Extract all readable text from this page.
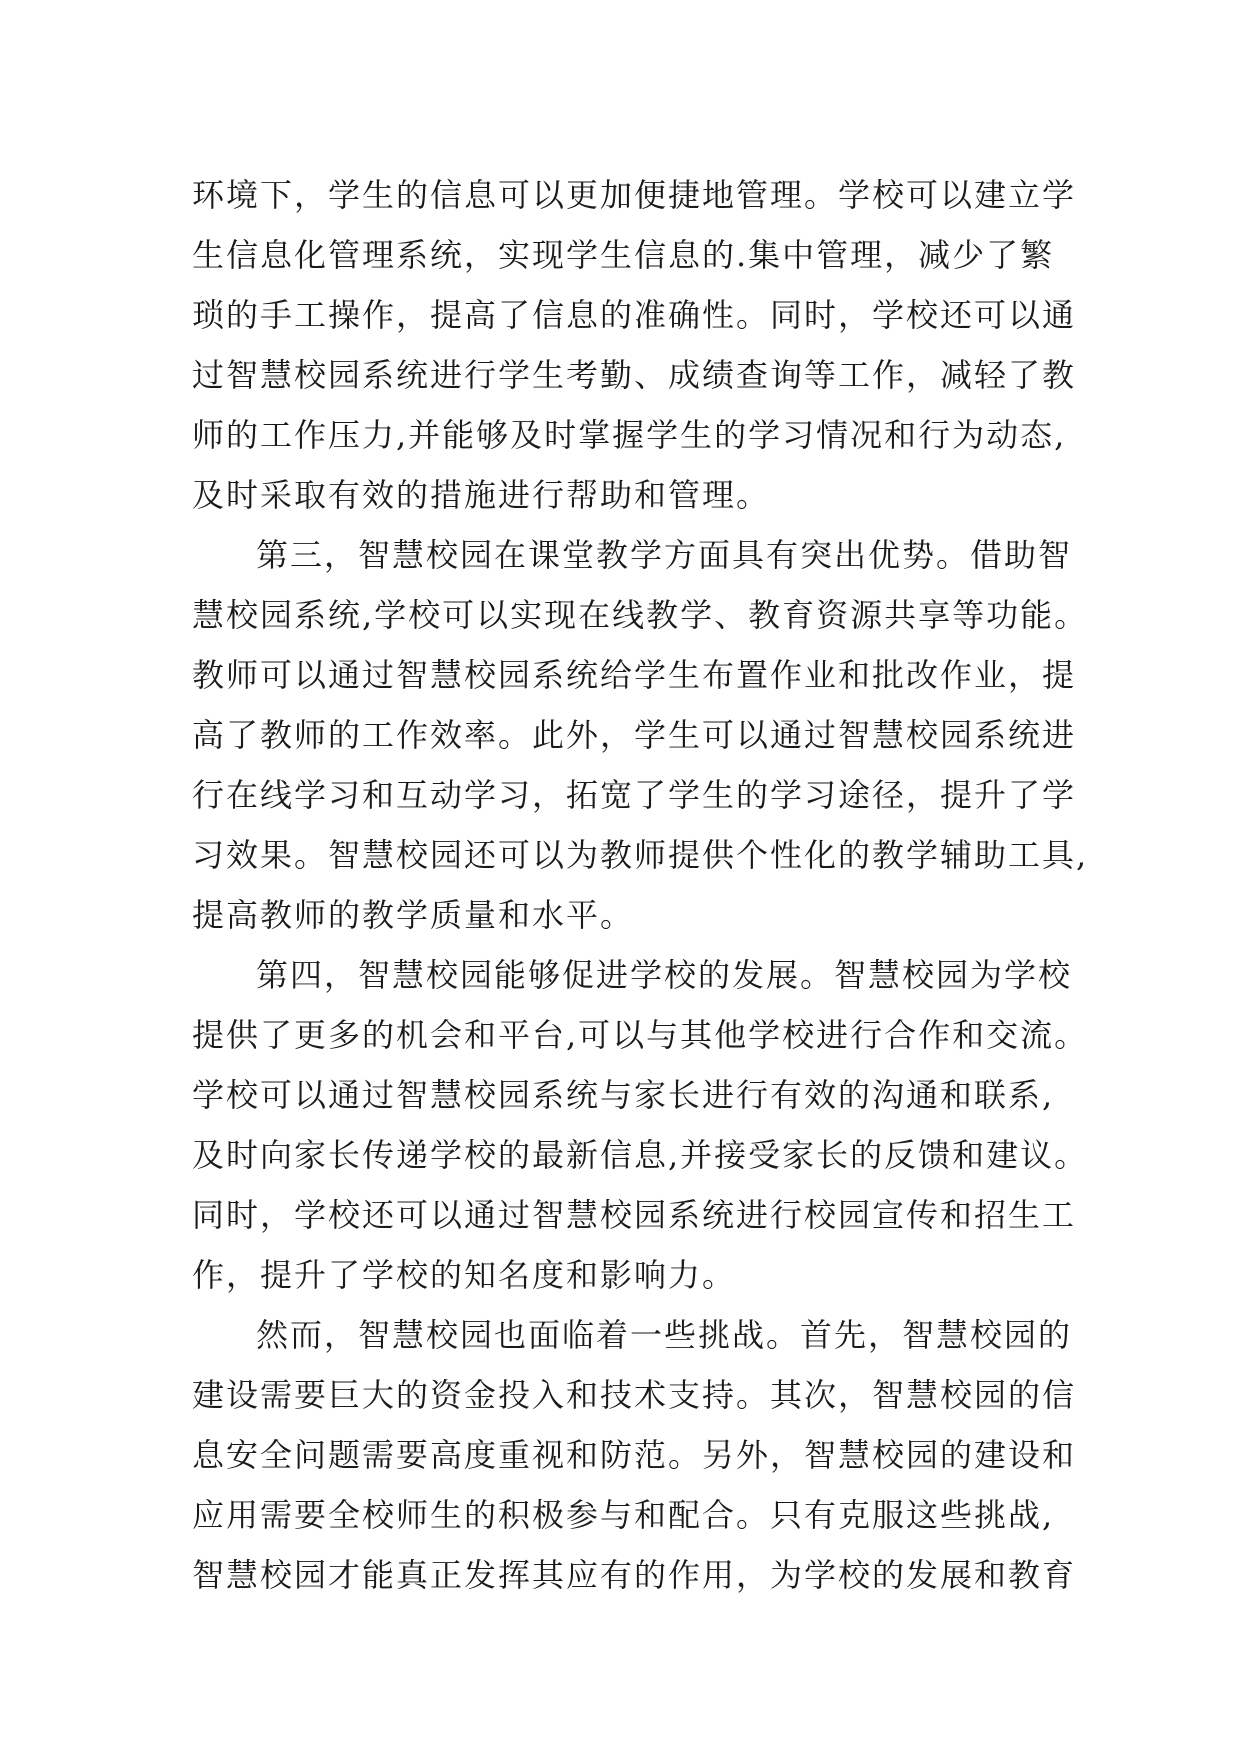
环境下，学生的信息可以更加便捷地管理。学校可以建立学
生信息化管理系统，实现学生信息的.集中管理，减少了繁
琐的手工操作，提高了信息的准确性。同时，学校还可以通
过智慧校园系统进行学生考勤、成绩查询等工作，减轻了教
师的工作压力,并能够及时掌握学生的学习情况和行为动态,
及时采取有效的措施进行帮助和管理。
第三，智慧校园在课堂教学方面具有突出优势。借助智
慧校园系统,学校可以实现在线教学、教育资源共享等功能。
教师可以通过智慧校园系统给学生布置作业和批改作业，提
高了教师的工作效率。此外，学生可以通过智慧校园系统进
行在线学习和互动学习，拓宽了学生的学习途径，提升了学
习效果。智慧校园还可以为教师提供个性化的教学辅助工具,
提高教师的教学质量和水平。
第四，智慧校园能够促进学校的发展。智慧校园为学校
提供了更多的机会和平台,可以与其他学校进行合作和交流。
学校可以通过智慧校园系统与家长进行有效的沟通和联系,
及时向家长传递学校的最新信息,并接受家长的反馈和建议。
同时，学校还可以通过智慧校园系统进行校园宣传和招生工
作，提升了学校的知名度和影响力。
然而，智慧校园也面临着一些挑战。首先，智慧校园的
建设需要巨大的资金投入和技术支持。其次，智慧校园的信
息安全问题需要高度重视和防范。另外，智慧校园的建设和
应用需要全校师生的积极参与和配合。只有克服这些挑战,
智慧校园才能真正发挥其应有的作用，为学校的发展和教育
